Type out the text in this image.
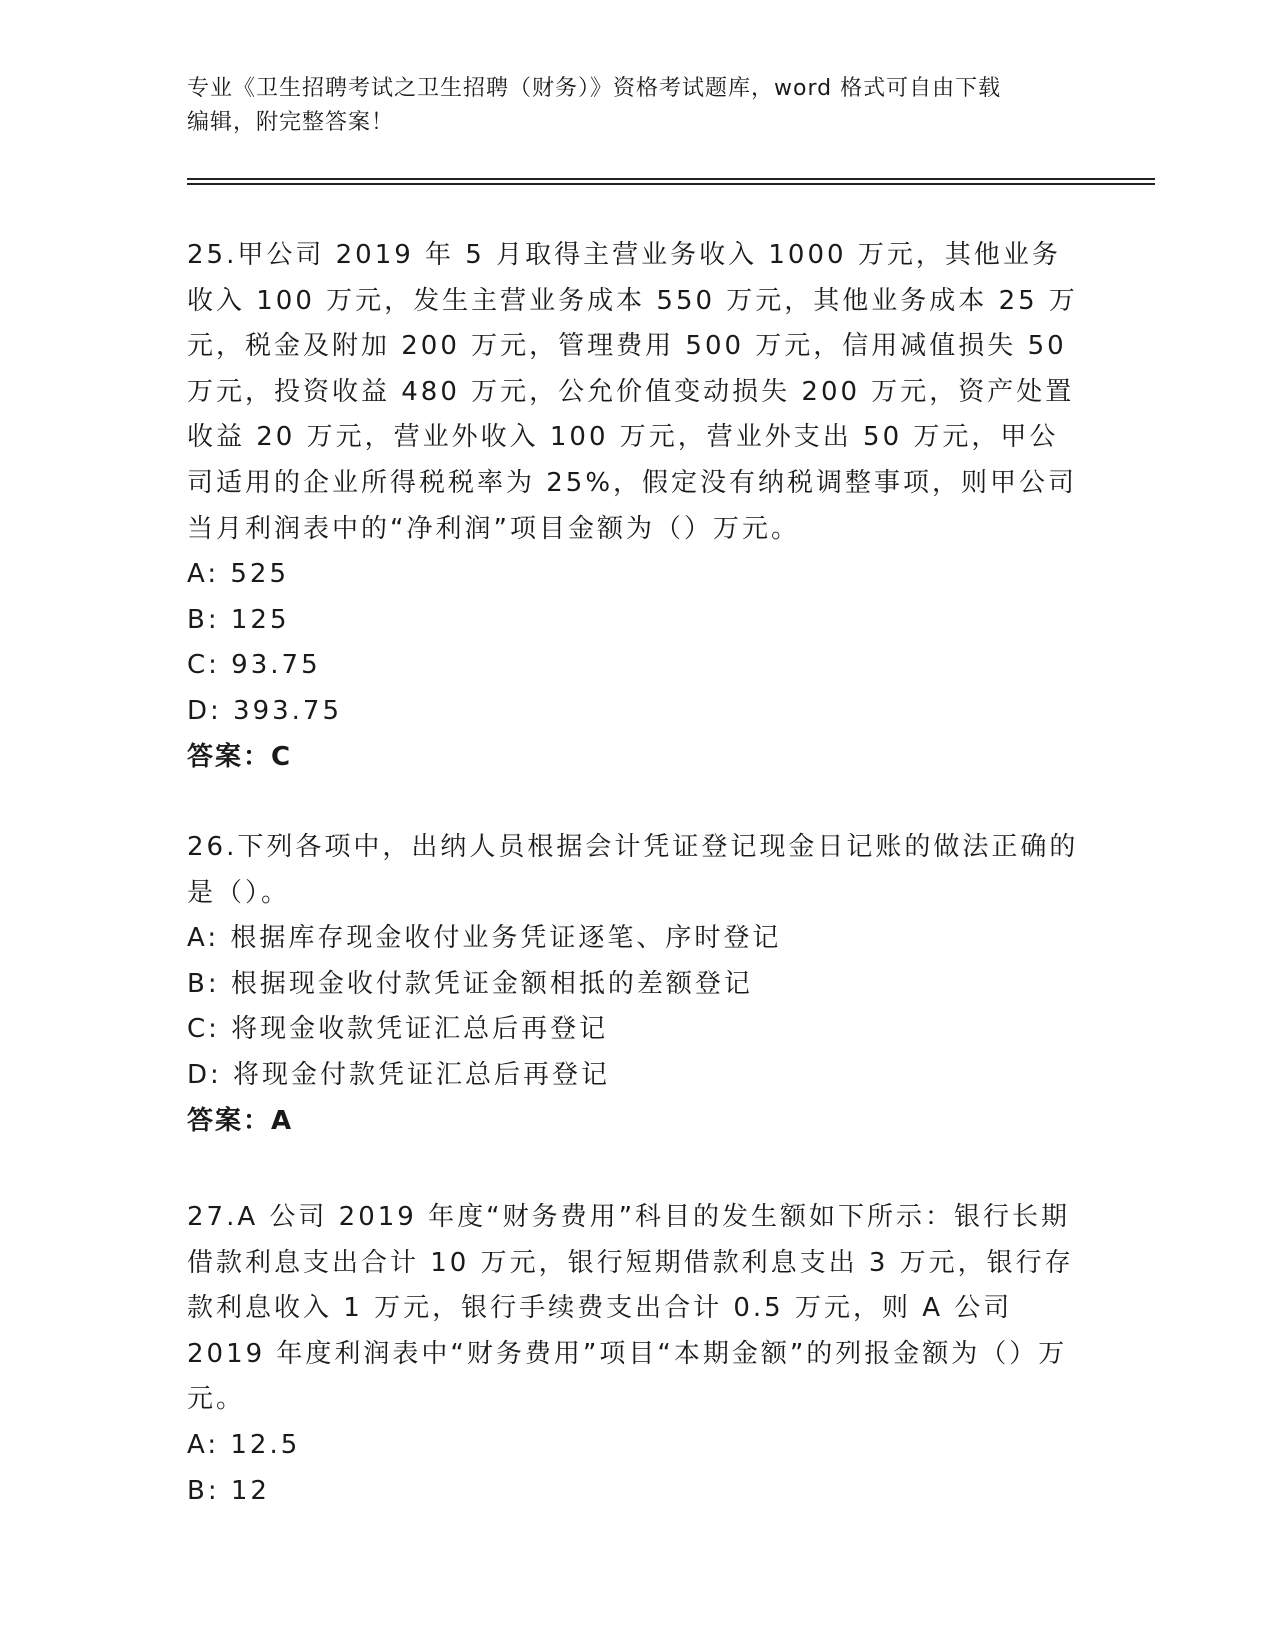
专业《卫生招聘考试之卫生招聘（财务）》资格考试题库，word 格式可自由下载
编辑，附完整答案！

25.甲公司 2019 年 5 月取得主营业务收入 1000 万元，其他业务收入 100 万元，发生主营业务成本 550 万元，其他业务成本 25 万元，税金及附加 200 万元，管理费用 500 万元，信用减值损失 50 万元，投资收益 480 万元，公允价值变动损失 200 万元，资产处置收益 20 万元，营业外收入 100 万元，营业外支出 50 万元，甲公司适用的企业所得税税率为 25%，假定没有纳税调整事项，则甲公司当月利润表中的“净利润”项目金额为（）万元。

A: 525

B: 125

C: 93.75

D: 393.75

答案：C

26.下列各项中，出纳人员根据会计凭证登记现金日记账的做法正确的是（）。

A: 根据库存现金收付业务凭证逐笔、序时登记

B: 根据现金收付款凭证金额相抵的差额登记

C: 将现金收款凭证汇总后再登记

D: 将现金付款凭证汇总后再登记

答案：A

27.A 公司 2019 年度“财务费用”科目的发生额如下所示：银行长期借款利息支出合计 10 万元，银行短期借款利息支出 3 万元，银行存款利息收入 1 万元，银行手续费支出合计 0.5 万元，则 A 公司 2019 年度利润表中“财务费用”项目“本期金额”的列报金额为（）万元。

A: 12.5

B: 12
